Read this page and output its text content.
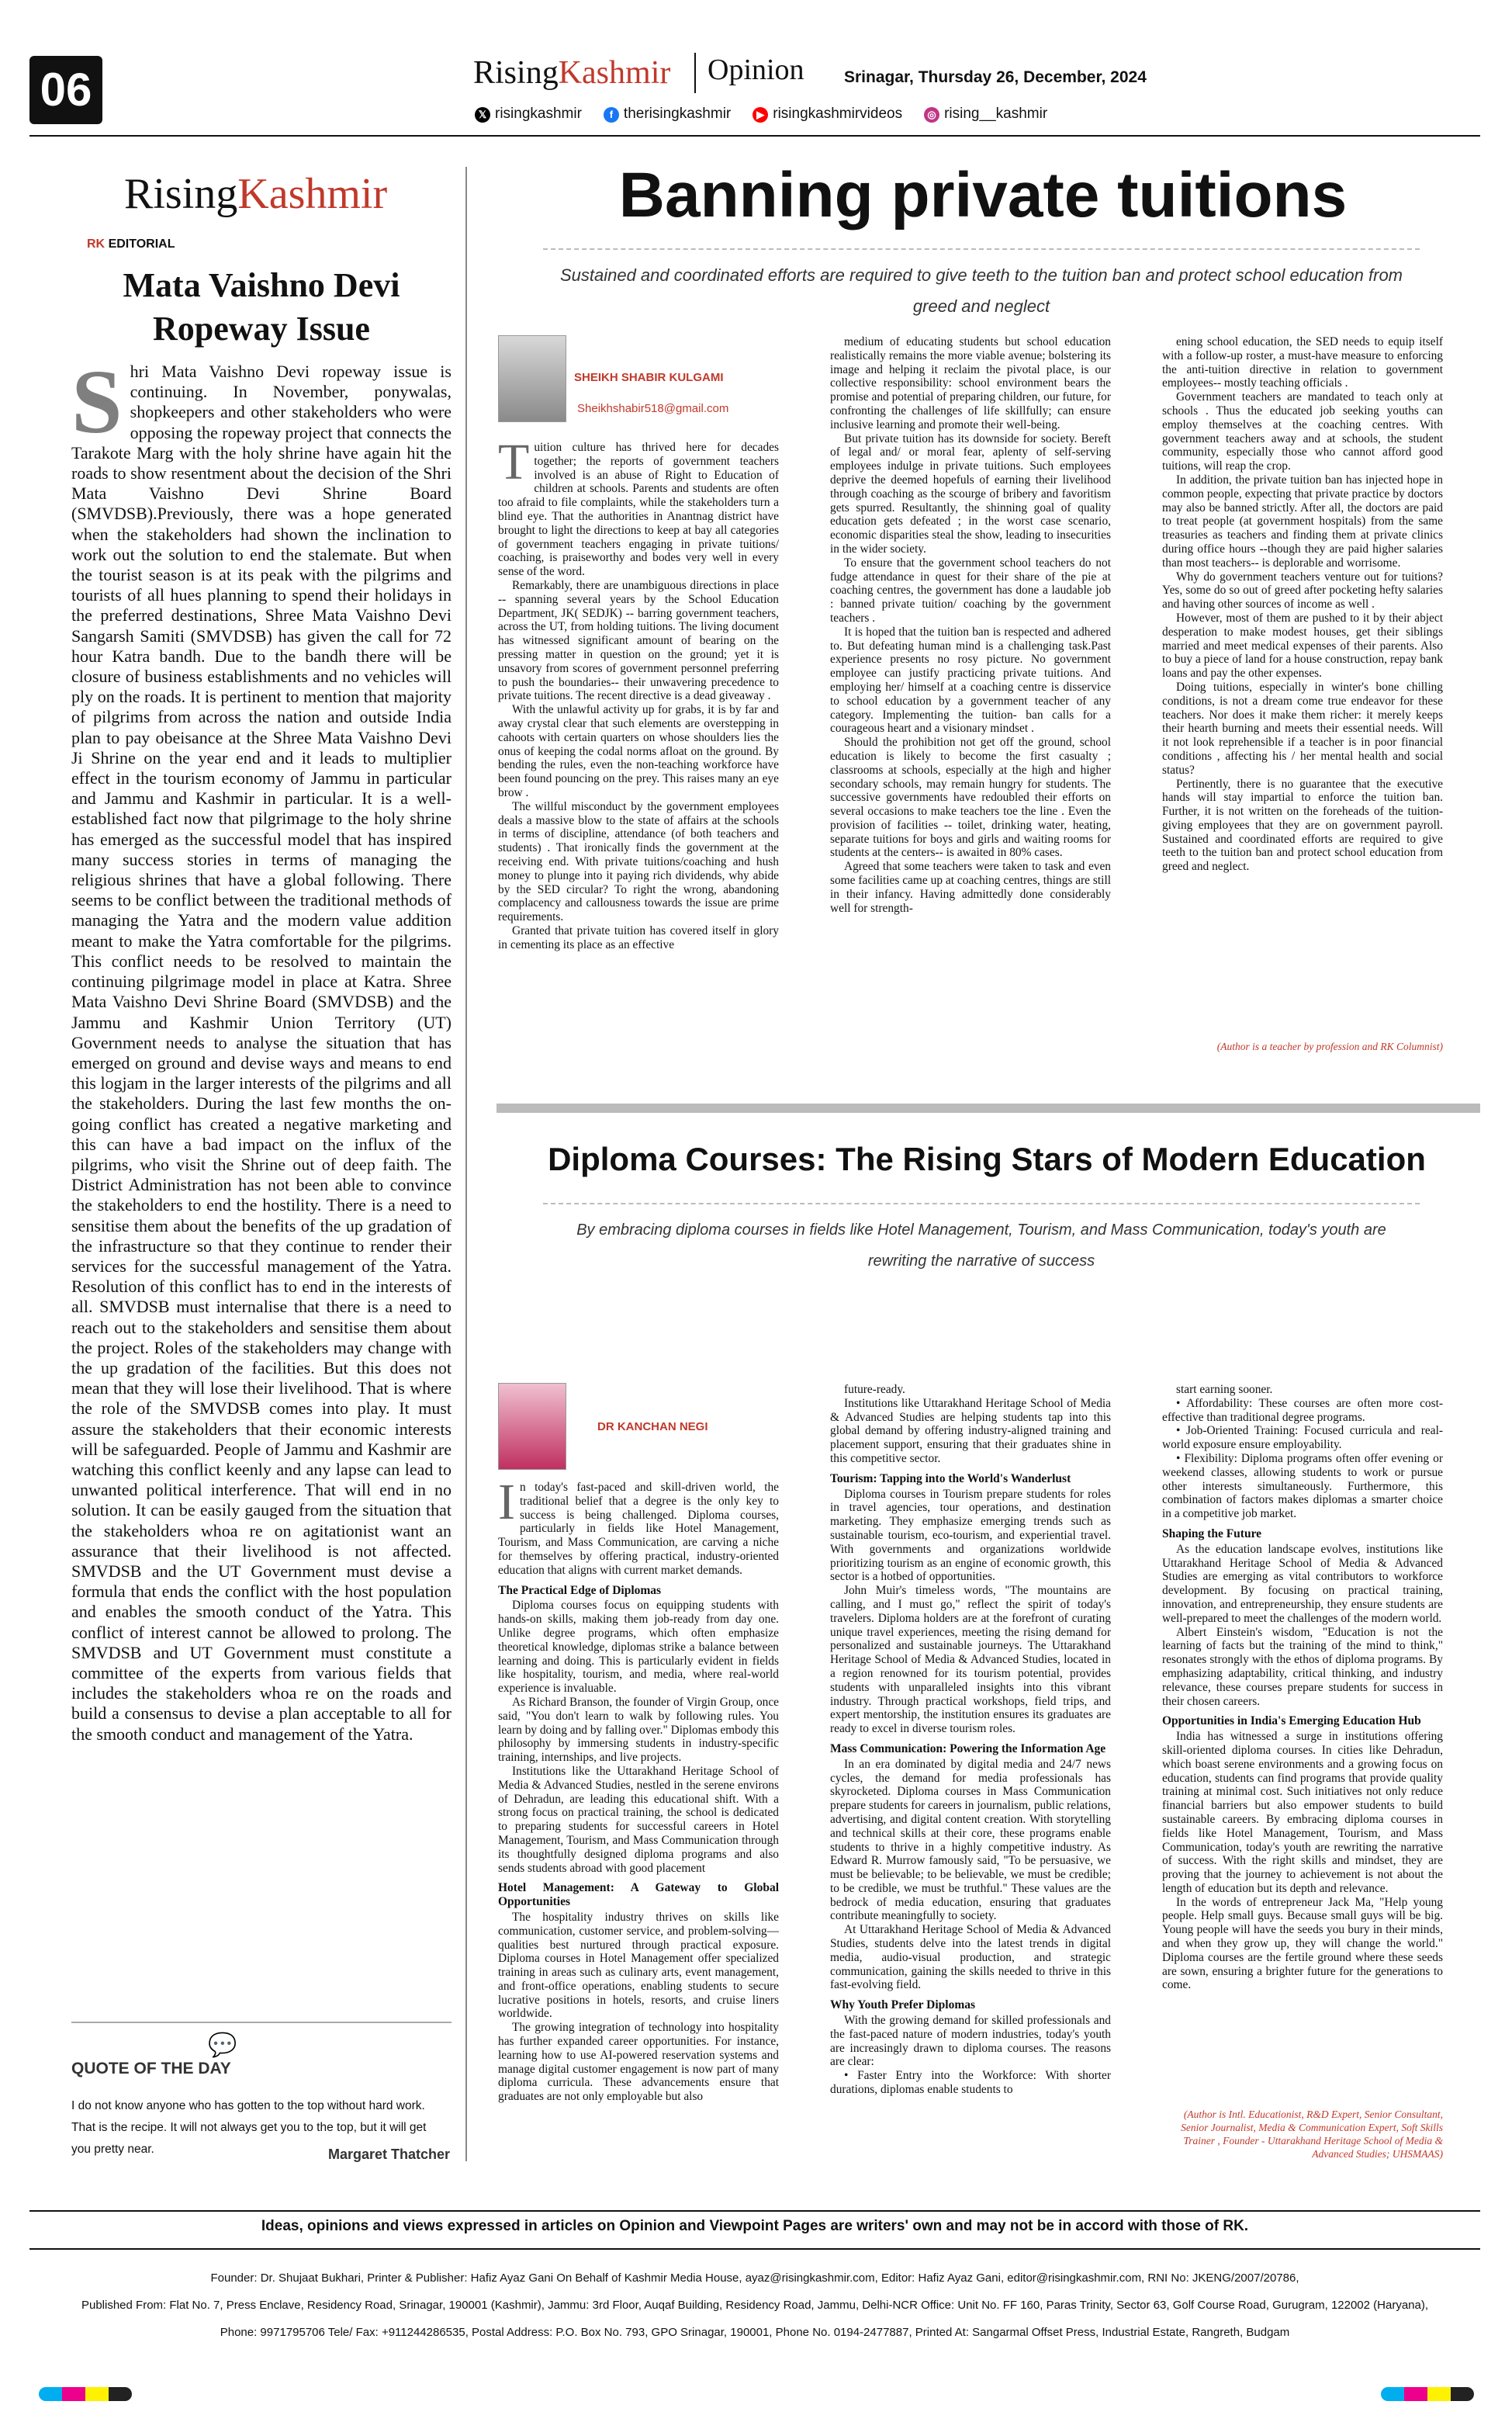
06	RisingKashmir Opinion Srinagar, Thursday 26, December, 2024
𝕏 risingkashmir	f therisingkashmir	▶ risingkashmirvideos	◎ rising__kashmir
RisingKashmir
RK EDITORIAL
Mata Vaishno Devi Ropeway Issue
Shri Mata Vaishno Devi ropeway issue is continuing. In November, ponywalas, shopkeepers and other stakeholders who were opposing the ropeway project that connects the Tarakote Marg with the holy shrine have again hit the roads to show resentment about the decision of the Shri Mata Vaishno Devi Shrine Board (SMVDSB).Previously, there was a hope generated when the stakeholders had shown the inclination to work out the solution to end the stalemate. But when the tourist season is at its peak with the pilgrims and tourists of all hues planning to spend their holidays in the preferred destinations, Shree Mata Vaishno Devi Sangarsh Samiti (SMVDSB) has given the call for 72 hour Katra bandh. Due to the bandh there will be closure of business establishments and no vehicles will ply on the roads. It is pertinent to mention that majority of pilgrims from across the nation and outside India plan to pay obeisance at the Shree Mata Vaishno Devi Ji Shrine on the year end and it leads to multiplier effect in the tourism economy of Jammu in particular and Jammu and Kashmir in particular. It is a well-established fact now that pilgrimage to the holy shrine has emerged as the successful model that has inspired many success stories in terms of managing the religious shrines that have a global following. There seems to be conflict between the traditional methods of managing the Yatra and the modern value addition meant to make the Yatra comfortable for the pilgrims. This conflict needs to be resolved to maintain the continuing pilgrimage model in place at Katra. Shree Mata Vaishno Devi Shrine Board (SMVDSB) and the Jammu and Kashmir Union Territory (UT) Government needs to analyse the situation that has emerged on ground and devise ways and means to end this logjam in the larger interests of the pilgrims and all the stakeholders. During the last few months the on-going conflict has created a negative marketing and this can have a bad impact on the influx of the pilgrims, who visit the Shrine out of deep faith. The District Administration has not been able to convince the stakeholders to end the hostility. There is a need to sensitise them about the benefits of the up gradation of the infrastructure so that they continue to render their services for the successful management of the Yatra. Resolution of this conflict has to end in the interests of all. SMVDSB must internalise that there is a need to reach out to the stakeholders and sensitise them about the project. Roles of the stakeholders may change with the up gradation of the facilities. But this does not mean that they will lose their livelihood. That is where the role of the SMVDSB comes into play. It must assure the stakeholders that their economic interests will be safeguarded. People of Jammu and Kashmir are watching this conflict keenly and any lapse can lead to unwanted political interference. That will end in no solution. It can be easily gauged from the situation that the stakeholders whoa re on agitationist want an assurance that their livelihood is not affected. SMVDSB and the UT Government must devise a formula that ends the conflict with the host population and enables the smooth conduct of the Yatra. This conflict of interest cannot be allowed to prolong. The SMVDSB and UT Government must constitute a committee of the experts from various fields that includes the stakeholders whoa re on the roads and build a consensus to devise a plan acceptable to all for the smooth conduct and management of the Yatra.
💬
QUOTE OF THE DAY
I do not know anyone who has gotten to the top without hard work. That is the recipe. It will not always get you to the top, but it will get you pretty near.	Margaret Thatcher
Banning private tuitions
Sustained and coordinated efforts are required to give teeth to the tuition ban and protect school education from greed and neglect
SHEIKH SHABIR KULGAMI
Sheikhshabir518@gmail.com
T uition culture has thrived here for decades together; the reports of government teachers involved is an abuse of Right to Education of children at schools. Parents and students are often too afraid to file complaints, while the stakeholders turn a blind eye. That the authorities in Anantnag district have brought to light the directions to keep at bay all categories of government teachers engaging in private tuitions/ coaching, is praiseworthy and bodes very well in every sense of the word.

Remarkably, there are unambiguous directions in place -- spanning several years by the School Education Department, JK( SEDJK) -- barring government teachers, across the UT, from holding tuitions. The living document has witnessed significant amount of bearing on the pressing matter in question on the ground; yet it is unsavory from scores of government personnel preferring to push the boundaries-- their unwavering precedence to private tuitions. The recent directive is a dead giveaway .

With the unlawful activity up for grabs, it is by far and away crystal clear that such elements are overstepping in cahoots with certain quarters on whose shoulders lies the onus of keeping the codal norms afloat on the ground. By bending the rules, even the non-teaching workforce have been found pouncing on the prey. This raises many an eye brow .

The willful misconduct by the government employees deals a massive blow to the state of affairs at the schools in terms of discipline, attendance (of both teachers and students) . That ironically finds the government at the receiving end. With private tuitions/coaching and hush money to plunge into it paying rich dividends, why abide by the SED circular? To right the wrong, abandoning complacency and callousness towards the issue are prime requirements.

Granted that private tuition has covered itself in glory in cementing its place as an effective

medium of educating students but school education realistically remains the more viable avenue; bolstering its image and helping it reclaim the pivotal place, is our collective responsibility: school environment bears the promise and potential of preparing children, our future, for confronting the challenges of life skillfully; can ensure inclusive learning and promote their well-being.

But private tuition has its downside for society. Bereft of legal and/ or moral fear, aplenty of self-serving employees indulge in private tuitions. Such employees deprive the deemed hopefuls of earning their livelihood through coaching as the scourge of bribery and favoritism gets spurred. Resultantly, the shinning goal of quality education gets defeated ; in the worst case scenario, economic disparities steal the show, leading to insecurities in the wider society.

To ensure that the government school teachers do not fudge attendance in quest for their share of the pie at coaching centres, the government has done a laudable job : banned private tuition/ coaching by the government teachers .

It is hoped that the tuition ban is respected and adhered to. But defeating human mind is a challenging task.Past experience presents no rosy picture. No government employee can justify practicing private tuitions. And employing her/ himself at a coaching centre is disservice to school education by a government teacher of any category. Implementing the tuition- ban calls for a courageous heart and a visionary mindset .

Should the prohibition not get off the ground, school education is likely to become the first casualty ; classrooms at schools, especially at the high and higher secondary schools, may remain hungry for students. The successive governments have redoubled their efforts on several occasions to make teachers toe the line . Even the provision of facilities -- toilet, drinking water, heating, separate tuitions for boys and girls and waiting rooms for students at the centers-- is awaited in 80% cases.

Agreed that some teachers were taken to task and even some facilities came up at coaching centres, things are still in their infancy. Having admittedly done considerably well for strength-

ening school education, the SED needs to equip itself with a follow-up roster, a must-have measure to enforcing the anti-tuition directive in relation to government employees-- mostly teaching officials .

Government teachers are mandated to teach only at schools . Thus the educated job seeking youths can employ themselves at the coaching centres. With government teachers away and at schools, the student community, especially those who cannot afford good tuitions, will reap the crop.

In addition, the private tuition ban has injected hope in common people, expecting that private practice by doctors may also be banned strictly. After all, the doctors are paid to treat people (at government hospitals) from the same treasuries as teachers and finding them at private clinics during office hours --though they are paid higher salaries than most teachers-- is deplorable and worrisome.

Why do government teachers venture out for tuitions? Yes, some do so out of greed after pocketing hefty salaries and having other sources of income as well .

However, most of them are pushed to it by their abject desperation to make modest houses, get their siblings married and meet medical expenses of their parents. Also to buy a piece of land for a house construction, repay bank loans and pay the other expenses.

Doing tuitions, especially in winter's bone chilling conditions, is not a dream come true endeavor for these teachers. Nor does it make them richer: it merely keeps their hearth burning and meets their essential needs. Will it not look reprehensible if a teacher is in poor financial conditions , affecting his / her mental health and social status?

Pertinently, there is no guarantee that the executive hands will stay impartial to enforce the tuition ban. Further, it is not written on the foreheads of the tuition- giving employees that they are on government payroll. Sustained and coordinated efforts are required to give teeth to the tuition ban and protect school education from greed and neglect.

(Author is a teacher by profession and RK Columnist)
Diploma Courses: The Rising Stars of Modern Education
By embracing diploma courses in fields like Hotel Management, Tourism, and Mass Communication, today's youth are rewriting the narrative of success
DR KANCHAN NEGI
I n today's fast-paced and skill-driven world, the traditional belief that a degree is the only key to success is being challenged. Diploma courses, particularly in fields like Hotel Management, Tourism, and Mass Communication, are carving a niche for themselves by offering practical, industry-oriented education that aligns with current market demands.

The Practical Edge of Diplomas

Diploma courses focus on equipping students with hands-on skills, making them job-ready from day one. Unlike degree programs, which often emphasize theoretical knowledge, diplomas strike a balance between learning and doing. This is particularly evident in fields like hospitality, tourism, and media, where real-world experience is invaluable.

As Richard Branson, the founder of Virgin Group, once said, "You don't learn to walk by following rules. You learn by doing and by falling over." Diplomas embody this philosophy by immersing students in industry-specific training, internships, and live projects.

Institutions like the Uttarakhand Heritage School of Media & Advanced Studies, nestled in the serene environs of Dehradun, are leading this educational shift. With a strong focus on practical training, the school is dedicated to preparing students for successful careers in Hotel Management, Tourism, and Mass Communication through its thoughtfully designed diploma programs and also sends students abroad with good placement

Hotel Management: A Gateway to Global Opportunities

The hospitality industry thrives on skills like communication, customer service, and problem-solving—qualities best nurtured through practical exposure. Diploma courses in Hotel Management offer specialized training in areas such as culinary arts, event management, and front-office operations, enabling students to secure lucrative positions in hotels, resorts, and cruise liners worldwide.

The growing integration of technology into hospitality has further expanded career opportunities. For instance, learning how to use AI-powered reservation systems and manage digital customer engagement is now part of many diploma curricula. These advancements ensure that graduates are not only employable but also

future-ready.

Institutions like Uttarakhand Heritage School of Media & Advanced Studies are helping students tap into this global demand by offering industry-aligned training and placement support, ensuring that their graduates shine in this competitive sector.

Tourism: Tapping into the World's Wanderlust

Diploma courses in Tourism prepare students for roles in travel agencies, tour operations, and destination marketing. They emphasize emerging trends such as sustainable tourism, eco-tourism, and experiential travel. With governments and organizations worldwide prioritizing tourism as an engine of economic growth, this sector is a hotbed of opportunities.

John Muir's timeless words, "The mountains are calling, and I must go," reflect the spirit of today's travelers. Diploma holders are at the forefront of curating unique travel experiences, meeting the rising demand for personalized and sustainable journeys. The Uttarakhand Heritage School of Media & Advanced Studies, located in a region renowned for its tourism potential, provides students with unparalleled insights into this vibrant industry. Through practical workshops, field trips, and expert mentorship, the institution ensures its graduates are ready to excel in diverse tourism roles.

Mass Communication: Powering the Information Age

In an era dominated by digital media and 24/7 news cycles, the demand for media professionals has skyrocketed. Diploma courses in Mass Communication prepare students for careers in journalism, public relations, advertising, and digital content creation. With storytelling and technical skills at their core, these programs enable students to thrive in a highly competitive industry. As Edward R. Murrow famously said, "To be persuasive, we must be believable; to be believable, we must be credible; to be credible, we must be truthful." These values are the bedrock of media education, ensuring that graduates contribute meaningfully to society.

At Uttarakhand Heritage School of Media & Advanced Studies, students delve into the latest trends in digital media, audio-visual production, and strategic communication, gaining the skills needed to thrive in this fast-evolving field.

Why Youth Prefer Diplomas

With the growing demand for skilled professionals and the fast-paced nature of modern industries, today's youth are increasingly drawn to diploma courses. The reasons are clear:

• Faster Entry into the Workforce: With shorter durations, diplomas enable students to

start earning sooner.

• Affordability: These courses are often more cost-effective than traditional degree programs.

• Job-Oriented Training: Focused curricula and real-world exposure ensure employability.

• Flexibility: Diploma programs often offer evening or weekend classes, allowing students to work or pursue other interests simultaneously. Furthermore, this combination of factors makes diplomas a smarter choice in a competitive job market.

Shaping the Future

As the education landscape evolves, institutions like Uttarakhand Heritage School of Media & Advanced Studies are emerging as vital contributors to workforce development. By focusing on practical training, innovation, and entrepreneurship, they ensure students are well-prepared to meet the challenges of the modern world.

Albert Einstein's wisdom, "Education is not the learning of facts but the training of the mind to think," resonates strongly with the ethos of diploma programs. By emphasizing adaptability, critical thinking, and industry relevance, these courses prepare students for success in their chosen careers.

Opportunities in India's Emerging Education Hub

India has witnessed a surge in institutions offering skill-oriented diploma courses. In cities like Dehradun, which boast serene environments and a growing focus on education, students can find programs that provide quality training at minimal cost. Such initiatives not only reduce financial barriers but also empower students to build sustainable careers. By embracing diploma courses in fields like Hotel Management, Tourism, and Mass Communication, today's youth are rewriting the narrative of success. With the right skills and mindset, they are proving that the journey to achievement is not about the length of education but its depth and relevance.

In the words of entrepreneur Jack Ma, "Help young people. Help small guys. Because small guys will be big. Young people will have the seeds you bury in their minds, and when they grow up, they will change the world." Diploma courses are the fertile ground where these seeds are sown, ensuring a brighter future for the generations to come.

(Author is Intl. Educationist, R&D Expert, Senior Consultant, Senior Journalist, Media & Communication Expert, Soft Skills Trainer , Founder - Uttarakhand Heritage School of Media & Advanced Studies; UHSMAAS)
Ideas, opinions and views expressed in articles on Opinion and Viewpoint Pages are writers' own and may not be in accord with those of RK.
Founder: Dr. Shujaat Bukhari, Printer & Publisher: Hafiz Ayaz Gani On Behalf of Kashmir Media House, ayaz@risingkashmir.com, Editor: Hafiz Ayaz Gani, editor@risingkashmir.com, RNI No: JKENG/2007/20786,
Published From: Flat No. 7, Press Enclave, Residency Road, Srinagar, 190001 (Kashmir), Jammu: 3rd Floor, Auqaf Building, Residency Road, Jammu, Delhi-NCR Office: Unit No. FF 160, Paras Trinity, Sector 63, Golf Course Road, Gurugram, 122002 (Haryana),
Phone: 9971795706 Tele/ Fax: +911244286535, Postal Address: P.O. Box No. 793, GPO Srinagar, 190001, Phone No. 0194-2477887, Printed At: Sangarmal Offset Press, Industrial Estate, Rangreth, Budgam
